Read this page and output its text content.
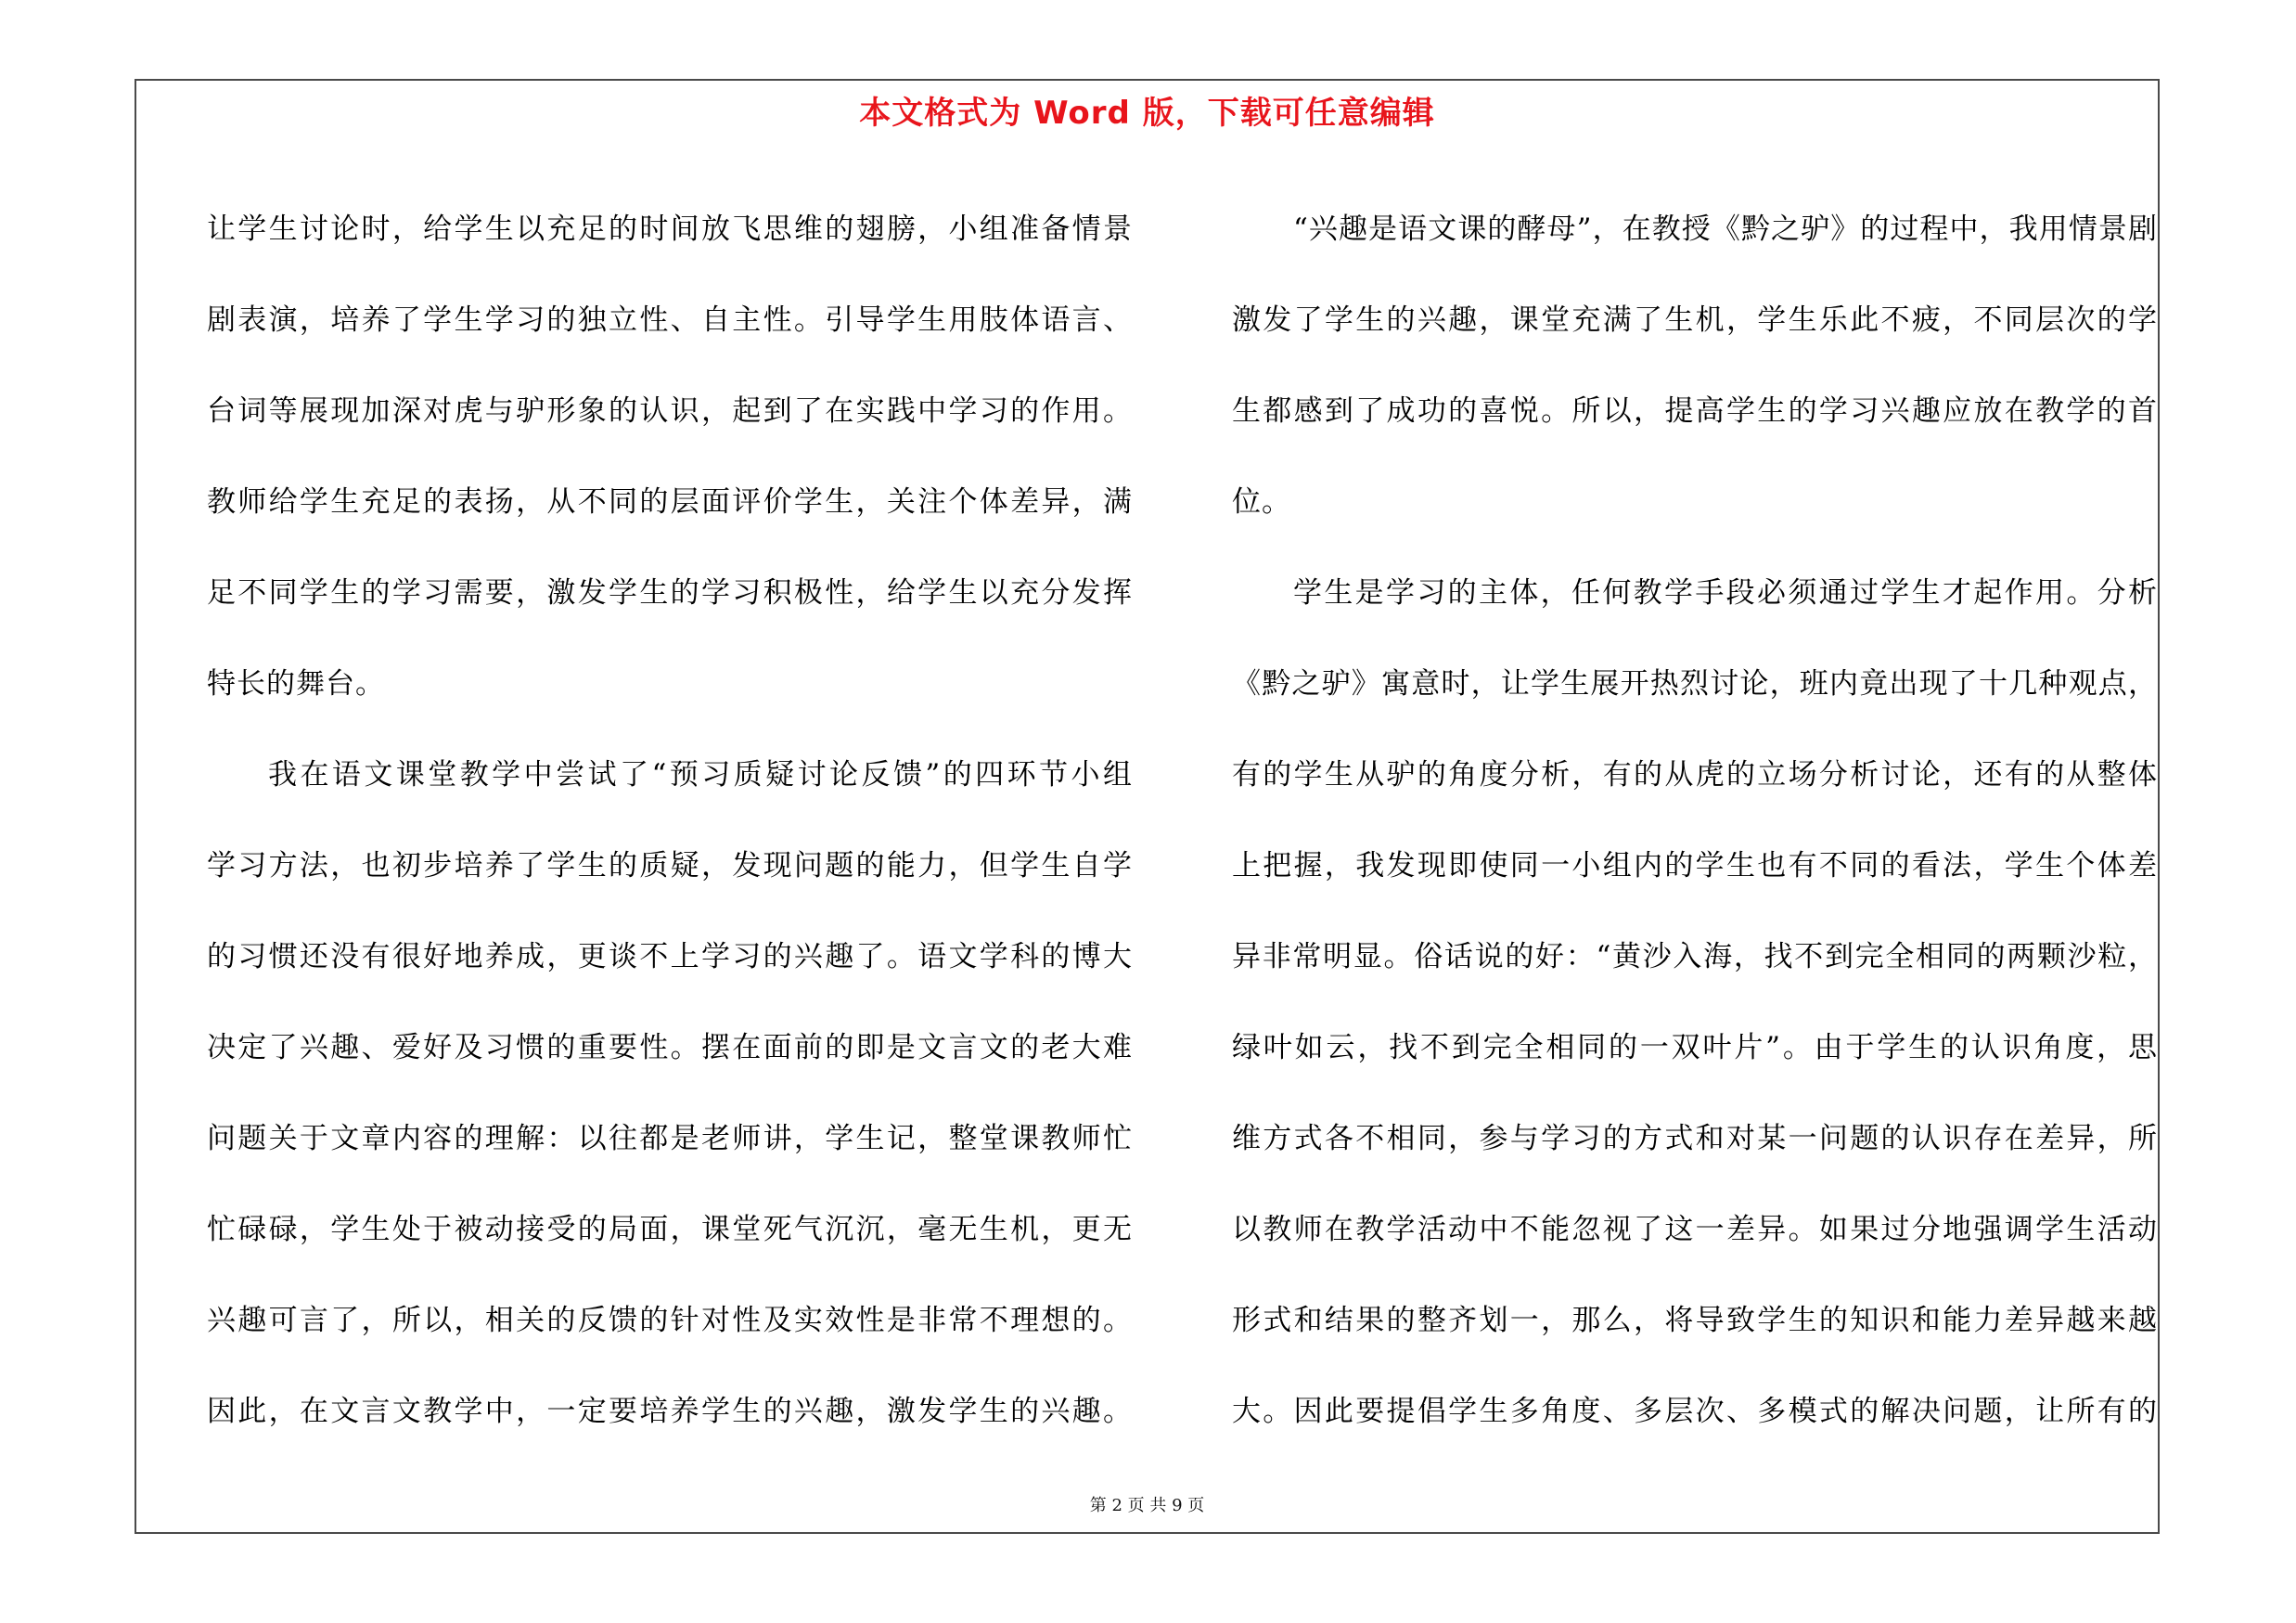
本文格式为 Word 版，下载可任意编辑
让学生讨论时，给学生以充足的时间放飞思维的翅膀，小组准备情景
剧表演，培养了学生学习的独立性、自主性。引导学生用肢体语言、
台词等展现加深对虎与驴形象的认识，起到了在实践中学习的作用。
教师给学生充足的表扬，从不同的层面评价学生，关注个体差异，满
足不同学生的学习需要，激发学生的学习积极性，给学生以充分发挥
特长的舞台。
我在语文课堂教学中尝试了“预习质疑讨论反馈”的四环节小组
学习方法，也初步培养了学生的质疑，发现问题的能力，但学生自学
的习惯还没有很好地养成，更谈不上学习的兴趣了。语文学科的博大
决定了兴趣、爱好及习惯的重要性。摆在面前的即是文言文的老大难
问题关于文章内容的理解：以往都是老师讲，学生记，整堂课教师忙
忙碌碌，学生处于被动接受的局面，课堂死气沉沉，毫无生机，更无
兴趣可言了，所以，相关的反馈的针对性及实效性是非常不理想的。
因此，在文言文教学中，一定要培养学生的兴趣，激发学生的兴趣。
“兴趣是语文课的酵母”，在教授《黔之驴》的过程中，我用情景剧
激发了学生的兴趣，课堂充满了生机，学生乐此不疲，不同层次的学
生都感到了成功的喜悦。所以，提高学生的学习兴趣应放在教学的首
位。
学生是学习的主体，任何教学手段必须通过学生才起作用。分析
《黔之驴》寓意时，让学生展开热烈讨论，班内竟出现了十几种观点，
有的学生从驴的角度分析，有的从虎的立场分析讨论，还有的从整体
上把握，我发现即使同一小组内的学生也有不同的看法，学生个体差
异非常明显。俗话说的好：“黄沙入海，找不到完全相同的两颗沙粒，
绿叶如云，找不到完全相同的一双叶片”。由于学生的认识角度，思
维方式各不相同，参与学习的方式和对某一问题的认识存在差异，所
以教师在教学活动中不能忽视了这一差异。如果过分地强调学生活动
形式和结果的整齐划一，那么，将导致学生的知识和能力差异越来越
大。因此要提倡学生多角度、多层次、多模式的解决问题，让所有的
第 2 页 共 9 页
